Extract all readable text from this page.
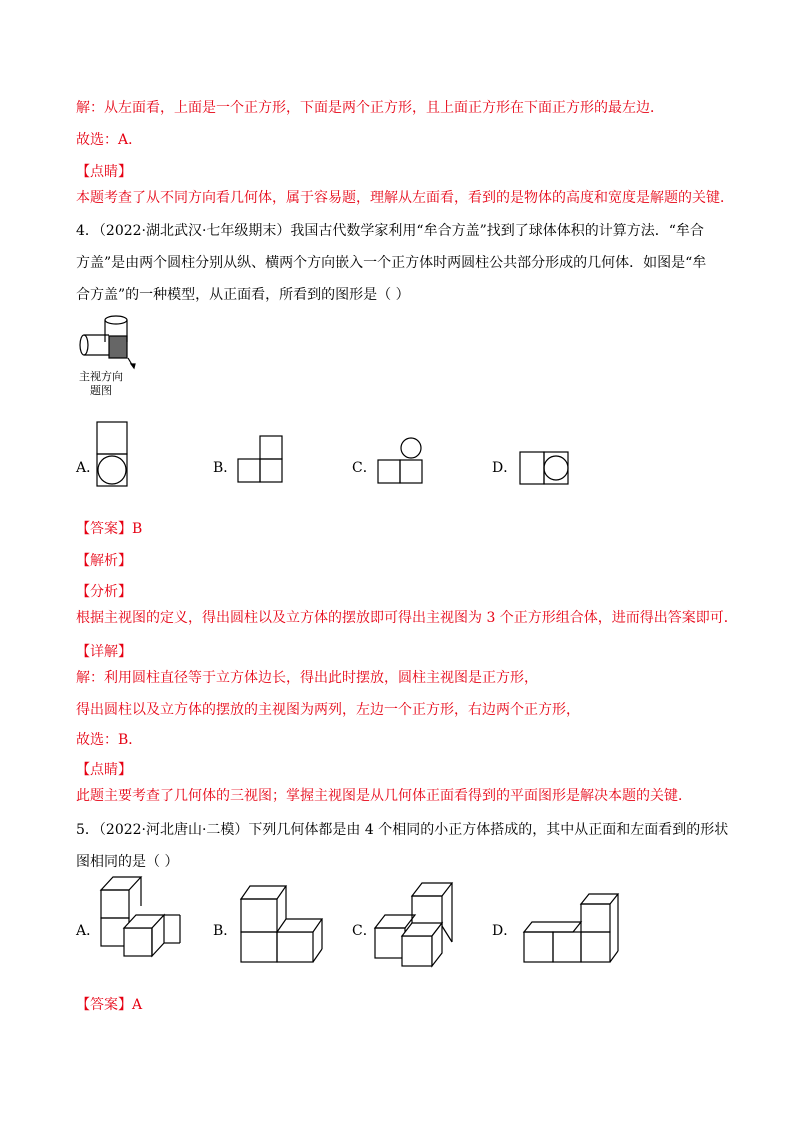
解：从左面看，上面是一个正方形，下面是两个正方形，且上面正方形在下面正方形的最左边．
故选：A．
【点睛】
本题考查了从不同方向看几何体，属于容易题，理解从左面看，看到的是物体的高度和宽度是解题的关键．
4．（2022·湖北武汉·七年级期末）我国古代数学家利用“牟合方盖”找到了球体体积的计算方法．“牟合
方盖”是由两个圆柱分别从纵、横两个方向嵌入一个正方体时两圆柱公共部分形成的几何体．如图是“牟
合方盖”的一种模型，从正面看，所看到的图形是（ ）
主视方向
题图
A．	B．	C．	D．
【答案】B
【解析】
【分析】
根据主视图的定义，得出圆柱以及立方体的摆放即可得出主视图为 3 个正方形组合体，进而得出答案即可．
【详解】
解：利用圆柱直径等于立方体边长，得出此时摆放，圆柱主视图是正方形，
得出圆柱以及立方体的摆放的主视图为两列，左边一个正方形，右边两个正方形，
故选：B．
【点睛】
此题主要考查了几何体的三视图；掌握主视图是从几何体正面看得到的平面图形是解决本题的关键．
5．（2022·河北唐山·二模）下列几何体都是由 4 个相同的小正方体搭成的，其中从正面和左面看到的形状
图相同的是（ ）
A．	B．	C．	D．
【答案】A
